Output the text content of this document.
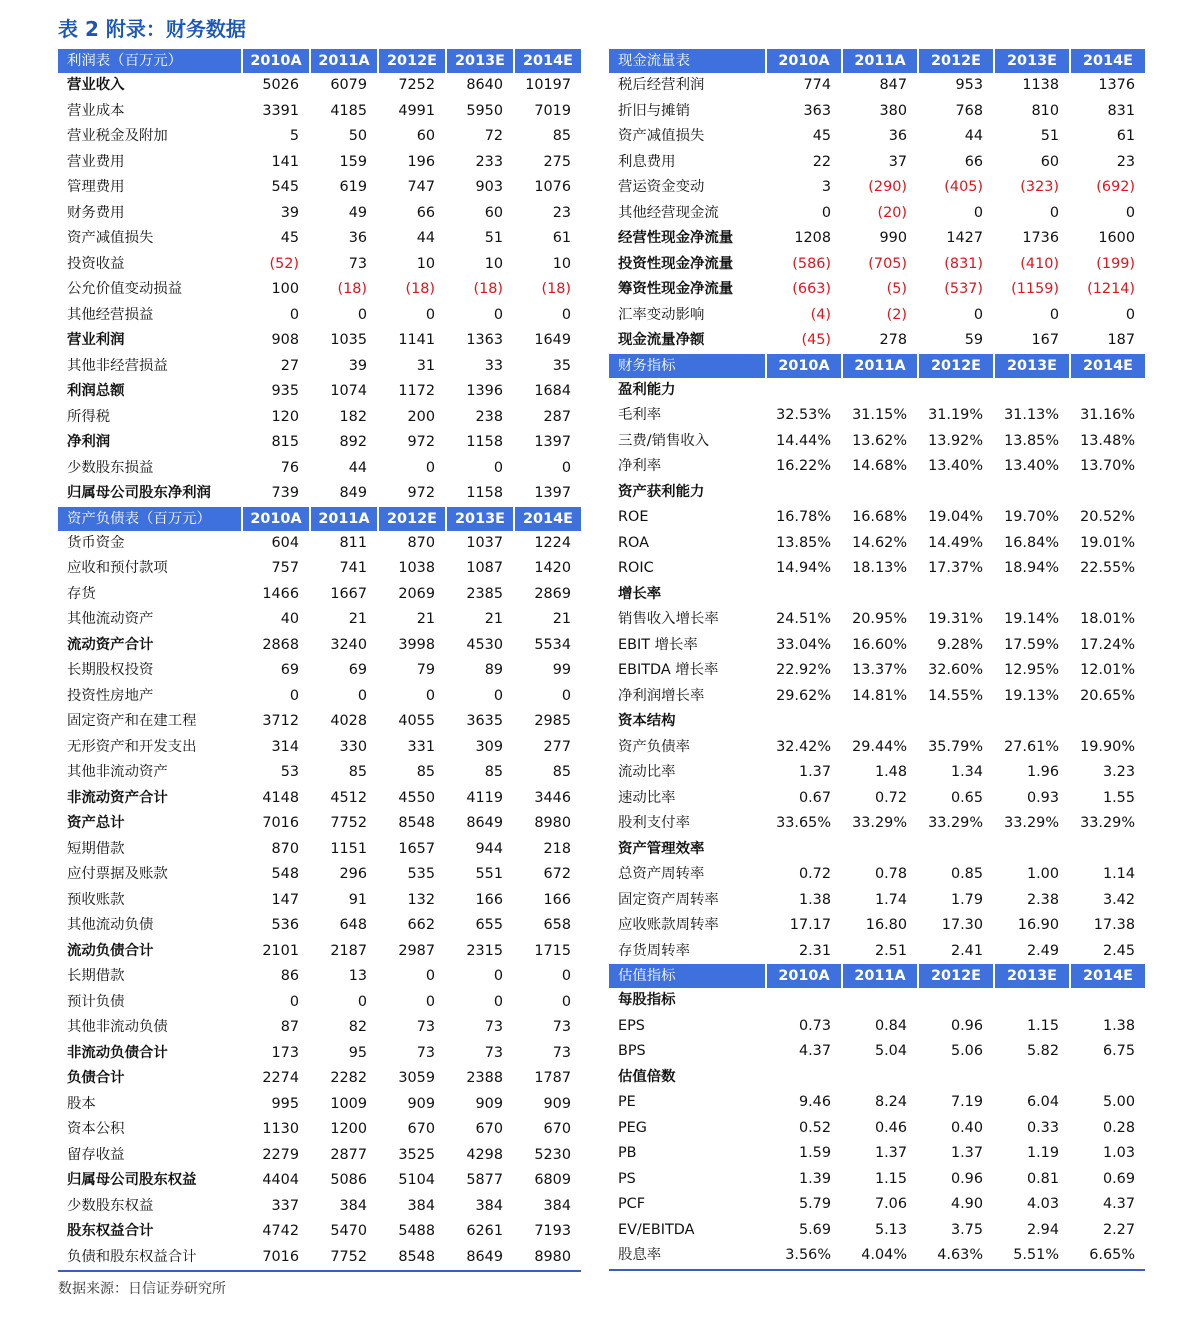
表 2 附录：财务数据
利润表（百万元）	2010A	2011A	2012E	2013E	2014E
营业收入	5026	6079	7252	8640	10197
营业成本	3391	4185	4991	5950	7019
营业税金及附加	5	50	60	72	85
营业费用	141	159	196	233	275
管理费用	545	619	747	903	1076
财务费用	39	49	66	60	23
资产减值损失	45	36	44	51	61
投资收益	(52)	73	10	10	10
公允价值变动损益	100	(18)	(18)	(18)	(18)
其他经营损益	0	0	0	0	0
营业利润	908	1035	1141	1363	1649
其他非经营损益	27	39	31	33	35
利润总额	935	1074	1172	1396	1684
所得税	120	182	200	238	287
净利润	815	892	972	1158	1397
少数股东损益	76	44	0	0	0
归属母公司股东净利润	739	849	972	1158	1397
资产负债表（百万元）	2010A	2011A	2012E	2013E	2014E
货币资金	604	811	870	1037	1224
应收和预付款项	757	741	1038	1087	1420
存货	1466	1667	2069	2385	2869
其他流动资产	40	21	21	21	21
流动资产合计	2868	3240	3998	4530	5534
长期股权投资	69	69	79	89	99
投资性房地产	0	0	0	0	0
固定资产和在建工程	3712	4028	4055	3635	2985
无形资产和开发支出	314	330	331	309	277
其他非流动资产	53	85	85	85	85
非流动资产合计	4148	4512	4550	4119	3446
资产总计	7016	7752	8548	8649	8980
短期借款	870	1151	1657	944	218
应付票据及账款	548	296	535	551	672
预收账款	147	91	132	166	166
其他流动负债	536	648	662	655	658
流动负债合计	2101	2187	2987	2315	1715
长期借款	86	13	0	0	0
预计负债	0	0	0	0	0
其他非流动负债	87	82	73	73	73
非流动负债合计	173	95	73	73	73
负债合计	2274	2282	3059	2388	1787
股本	995	1009	909	909	909
资本公积	1130	1200	670	670	670
留存收益	2279	2877	3525	4298	5230
归属母公司股东权益	4404	5086	5104	5877	6809
少数股东权益	337	384	384	384	384
股东权益合计	4742	5470	5488	6261	7193
负债和股东权益合计	7016	7752	8548	8649	8980
现金流量表	2010A	2011A	2012E	2013E	2014E
税后经营利润	774	847	953	1138	1376
折旧与摊销	363	380	768	810	831
资产减值损失	45	36	44	51	61
利息费用	22	37	66	60	23
营运资金变动	3	(290)	(405)	(323)	(692)
其他经营现金流	0	(20)	0	0	0
经营性现金净流量	1208	990	1427	1736	1600
投资性现金净流量	(586)	(705)	(831)	(410)	(199)
筹资性现金净流量	(663)	(5)	(537)	(1159)	(1214)
汇率变动影响	(4)	(2)	0	0	0
现金流量净额	(45)	278	59	167	187
财务指标	2010A	2011A	2012E	2013E	2014E
盈利能力
毛利率	32.53%	31.15%	31.19%	31.13%	31.16%
三费/销售收入	14.44%	13.62%	13.92%	13.85%	13.48%
净利率	16.22%	14.68%	13.40%	13.40%	13.70%
资产获利能力
ROE	16.78%	16.68%	19.04%	19.70%	20.52%
ROA	13.85%	14.62%	14.49%	16.84%	19.01%
ROIC	14.94%	18.13%	17.37%	18.94%	22.55%
增长率
销售收入增长率	24.51%	20.95%	19.31%	19.14%	18.01%
EBIT 增长率	33.04%	16.60%	9.28%	17.59%	17.24%
EBITDA 增长率	22.92%	13.37%	32.60%	12.95%	12.01%
净利润增长率	29.62%	14.81%	14.55%	19.13%	20.65%
资本结构
资产负债率	32.42%	29.44%	35.79%	27.61%	19.90%
流动比率	1.37	1.48	1.34	1.96	3.23
速动比率	0.67	0.72	0.65	0.93	1.55
股利支付率	33.65%	33.29%	33.29%	33.29%	33.29%
资产管理效率
总资产周转率	0.72	0.78	0.85	1.00	1.14
固定资产周转率	1.38	1.74	1.79	2.38	3.42
应收账款周转率	17.17	16.80	17.30	16.90	17.38
存货周转率	2.31	2.51	2.41	2.49	2.45
估值指标	2010A	2011A	2012E	2013E	2014E
每股指标
EPS	0.73	0.84	0.96	1.15	1.38
BPS	4.37	5.04	5.06	5.82	6.75
估值倍数
PE	9.46	8.24	7.19	6.04	5.00
PEG	0.52	0.46	0.40	0.33	0.28
PB	1.59	1.37	1.37	1.19	1.03
PS	1.39	1.15	0.96	0.81	0.69
PCF	5.79	7.06	4.90	4.03	4.37
EV/EBITDA	5.69	5.13	3.75	2.94	2.27
股息率	3.56%	4.04%	4.63%	5.51%	6.65%
数据来源：日信证券研究所
